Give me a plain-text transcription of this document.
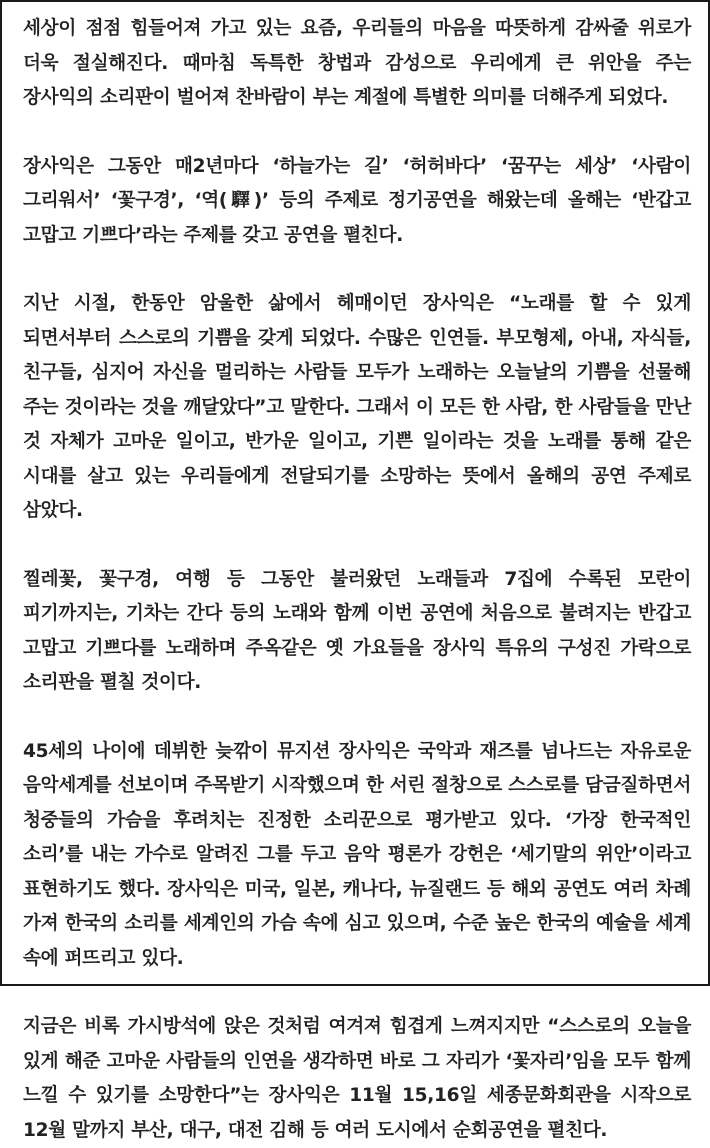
세상이 점점 힘들어져 가고 있는 요즘, 우리들의 마음을 따뜻하게 감싸줄 위로가 더욱 절실해진다. 때마침 독특한 창법과 감성으로 우리에게 큰 위안을 주는 장사익의 소리판이 벌어져 찬바람이 부는 계절에 특별한 의미를 더해주게 되었다.

장사익은 그동안 매2년마다 ‘하늘가는 길’ ‘허허바다’ ‘꿈꾸는 세상’ ‘사람이 그리워서’ ‘꽃구경’, ‘역(驛)’ 등의 주제로 정기공연을 해왔는데 올해는 ‘반갑고 고맙고 기쁘다’라는 주제를 갖고 공연을 펼친다.

지난 시절, 한동안 암울한 삶에서 헤매이던 장사익은 “노래를 할 수 있게 되면서부터 스스로의 기쁨을 갖게 되었다. 수많은 인연들. 부모형제, 아내, 자식들, 친구들, 심지어 자신을 멀리하는 사람들 모두가 노래하는 오늘날의 기쁨을 선물해 주는 것이라는 것을 깨달았다”고 말한다. 그래서 이 모든 한 사람, 한 사람들을 만난 것 자체가 고마운 일이고, 반가운 일이고, 기쁜 일이라는 것을 노래를 통해 같은 시대를 살고 있는 우리들에게 전달되기를 소망하는 뜻에서 올해의 공연 주제로 삼았다.

찔레꽃, 꽃구경, 여행 등 그동안 불러왔던 노래들과 7집에 수록된 모란이 피기까지는, 기차는 간다 등의 노래와 함께 이번 공연에 처음으로 불려지는 반갑고 고맙고 기쁘다를 노래하며 주옥같은 옛 가요들을 장사익 특유의 구성진 가락으로 소리판을 펼칠 것이다.

45세의 나이에 데뷔한 늦깎이 뮤지션 장사익은 국악과 재즈를 넘나드는 자유로운 음악세계를 선보이며 주목받기 시작했으며 한 서린 절창으로 스스로를 담금질하면서 청중들의 가슴을 후려치는 진정한 소리꾼으로 평가받고 있다. ‘가장 한국적인 소리’를 내는 가수로 알려진 그를 두고 음악 평론가 강헌은 ‘세기말의 위안’이라고 표현하기도 했다. 장사익은 미국, 일본, 캐나다, 뉴질랜드 등 해외 공연도 여러 차례 가져 한국의 소리를 세계인의 가슴 속에 심고 있으며, 수준 높은 한국의 예술을 세계 속에 퍼뜨리고 있다.

지금은 비록 가시방석에 앉은 것처럼 여겨져 힘겹게 느껴지지만 “스스로의 오늘을 있게 해준 고마운 사람들의 인연을 생각하면 바로 그 자리가 ‘꽃자리’임을 모두 함께 느낄 수 있기를 소망한다”는 장사익은 11월 15,16일 세종문화회관을 시작으로 12월 말까지 부산, 대구, 대전 김해 등 여러 도시에서 순회공연을 펼친다.
